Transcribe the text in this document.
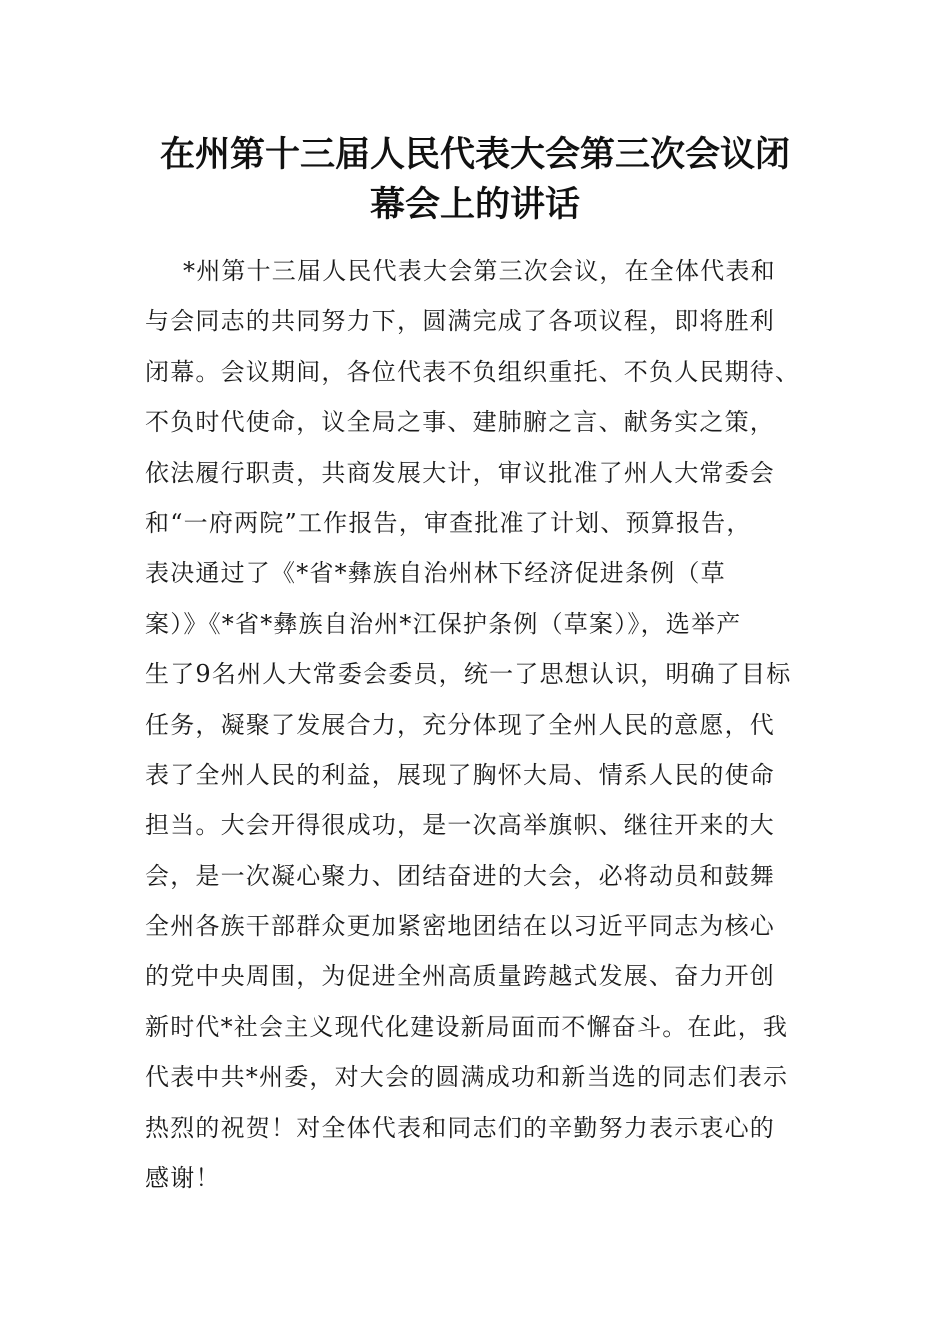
在州第十三届人民代表大会第三次会议闭
幕会上的讲话
*州第十三届人民代表大会第三次会议，在全体代表和
与会同志的共同努力下，圆满完成了各项议程，即将胜利
闭幕。会议期间，各位代表不负组织重托、不负人民期待、
不负时代使命，议全局之事、建肺腑之言、献务实之策，
依法履行职责，共商发展大计，审议批准了州人大常委会
和“一府两院”工作报告，审查批准了计划、预算报告，
表决通过了《*省*彝族自治州林下经济促进条例（草
案）》《*省*彝族自治州*江保护条例（草案）》，选举产
生了9名州人大常委会委员，统一了思想认识，明确了目标
任务，凝聚了发展合力，充分体现了全州人民的意愿，代
表了全州人民的利益，展现了胸怀大局、情系人民的使命
担当。大会开得很成功，是一次高举旗帜、继往开来的大
会，是一次凝心聚力、团结奋进的大会，必将动员和鼓舞
全州各族干部群众更加紧密地团结在以习近平同志为核心
的党中央周围，为促进全州高质量跨越式发展、奋力开创
新时代*社会主义现代化建设新局面而不懈奋斗。在此，我
代表中共*州委，对大会的圆满成功和新当选的同志们表示
热烈的祝贺！对全体代表和同志们的辛勤努力表示衷心的
感谢！
